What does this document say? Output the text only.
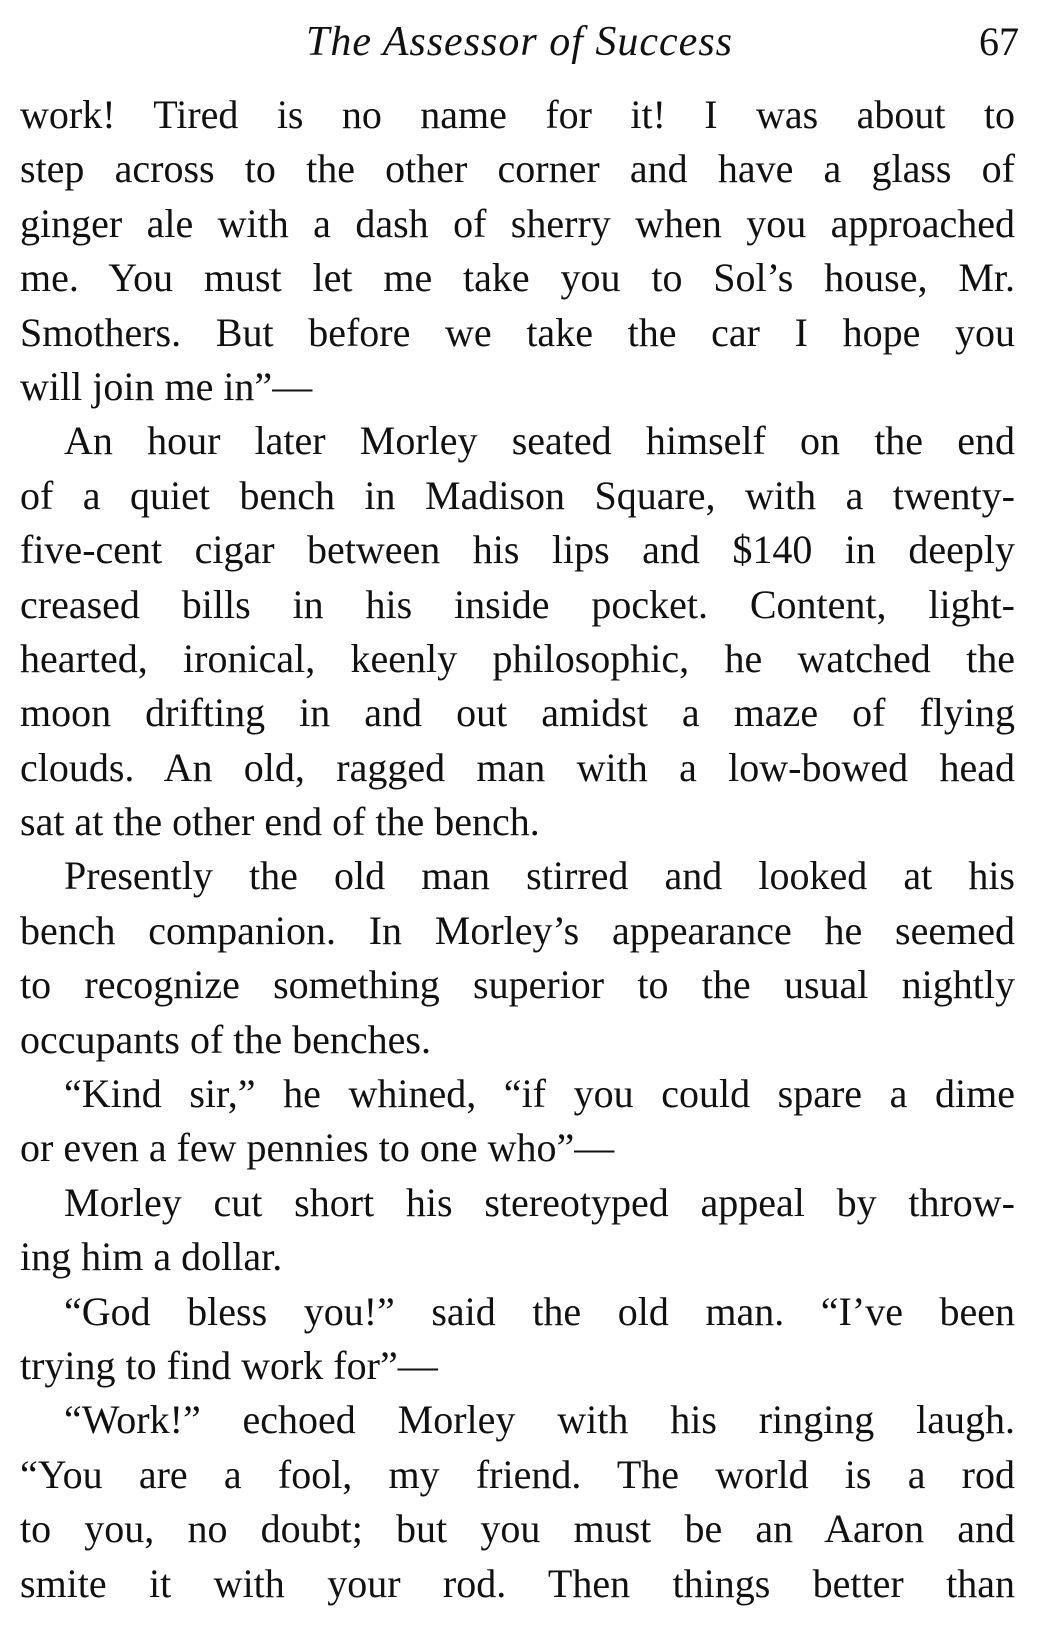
The Assessor of Success	67
work! Tired is no name for it! I was about to
step across to the other corner and have a glass of
ginger ale with a dash of sherry when you approached
me. You must let me take you to Sol’s house, Mr.
Smothers. But before we take the car I hope you
will join me in”—
An hour later Morley seated himself on the end
of a quiet bench in Madison Square, with a twenty-
five-cent cigar between his lips and $140 in deeply
creased bills in his inside pocket. Content, light-
hearted, ironical, keenly philosophic, he watched the
moon drifting in and out amidst a maze of flying
clouds. An old, ragged man with a low-bowed head
sat at the other end of the bench.
Presently the old man stirred and looked at his
bench companion. In Morley’s appearance he seemed
to recognize something superior to the usual nightly
occupants of the benches.
“Kind sir,” he whined, “if you could spare a dime
or even a few pennies to one who”—
Morley cut short his stereotyped appeal by throw-
ing him a dollar.
“God bless you!” said the old man. “I’ve been
trying to find work for”—
“Work!” echoed Morley with his ringing laugh.
“You are a fool, my friend. The world is a rod
to you, no doubt; but you must be an Aaron and
smite it with your rod. Then things better than
